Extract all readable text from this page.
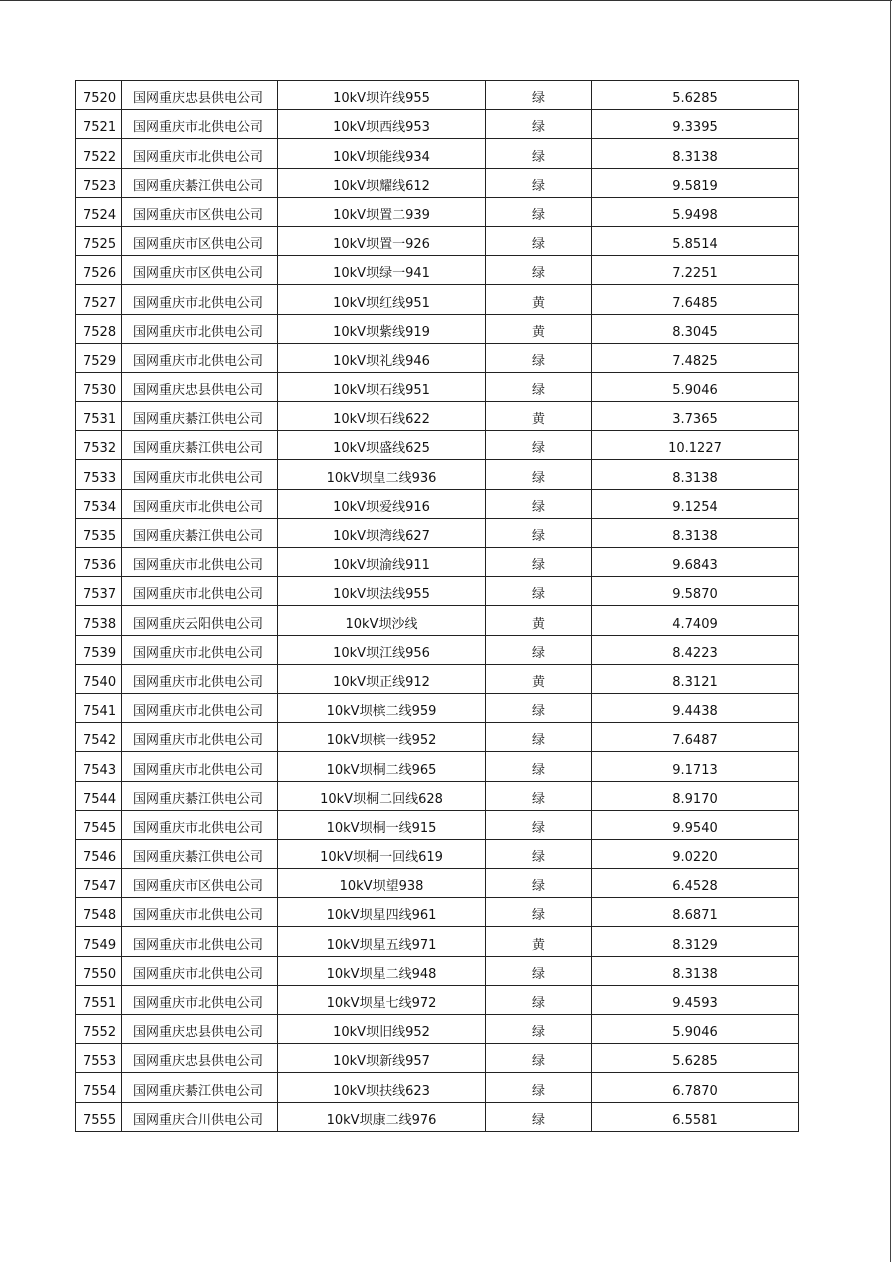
7520	国网重庆忠县供电公司	10kV坝许线955	绿	5.6285
7521	国网重庆市北供电公司	10kV坝西线953	绿	9.3395
7522	国网重庆市北供电公司	10kV坝能线934	绿	8.3138
7523	国网重庆綦江供电公司	10kV坝耀线612	绿	9.5819
7524	国网重庆市区供电公司	10kV坝置二939	绿	5.9498
7525	国网重庆市区供电公司	10kV坝置一926	绿	5.8514
7526	国网重庆市区供电公司	10kV坝绿一941	绿	7.2251
7527	国网重庆市北供电公司	10kV坝红线951	黄	7.6485
7528	国网重庆市北供电公司	10kV坝紫线919	黄	8.3045
7529	国网重庆市北供电公司	10kV坝礼线946	绿	7.4825
7530	国网重庆忠县供电公司	10kV坝石线951	绿	5.9046
7531	国网重庆綦江供电公司	10kV坝石线622	黄	3.7365
7532	国网重庆綦江供电公司	10kV坝盛线625	绿	10.1227
7533	国网重庆市北供电公司	10kV坝皇二线936	绿	8.3138
7534	国网重庆市北供电公司	10kV坝爱线916	绿	9.1254
7535	国网重庆綦江供电公司	10kV坝湾线627	绿	8.3138
7536	国网重庆市北供电公司	10kV坝渝线911	绿	9.6843
7537	国网重庆市北供电公司	10kV坝法线955	绿	9.5870
7538	国网重庆云阳供电公司	10kV坝沙线	黄	4.7409
7539	国网重庆市北供电公司	10kV坝江线956	绿	8.4223
7540	国网重庆市北供电公司	10kV坝正线912	黄	8.3121
7541	国网重庆市北供电公司	10kV坝槟二线959	绿	9.4438
7542	国网重庆市北供电公司	10kV坝槟一线952	绿	7.6487
7543	国网重庆市北供电公司	10kV坝桐二线965	绿	9.1713
7544	国网重庆綦江供电公司	10kV坝桐二回线628	绿	8.9170
7545	国网重庆市北供电公司	10kV坝桐一线915	绿	9.9540
7546	国网重庆綦江供电公司	10kV坝桐一回线619	绿	9.0220
7547	国网重庆市区供电公司	10kV坝望938	绿	6.4528
7548	国网重庆市北供电公司	10kV坝星四线961	绿	8.6871
7549	国网重庆市北供电公司	10kV坝星五线971	黄	8.3129
7550	国网重庆市北供电公司	10kV坝星二线948	绿	8.3138
7551	国网重庆市北供电公司	10kV坝星七线972	绿	9.4593
7552	国网重庆忠县供电公司	10kV坝旧线952	绿	5.9046
7553	国网重庆忠县供电公司	10kV坝新线957	绿	5.6285
7554	国网重庆綦江供电公司	10kV坝扶线623	绿	6.7870
7555	国网重庆合川供电公司	10kV坝康二线976	绿	6.5581
